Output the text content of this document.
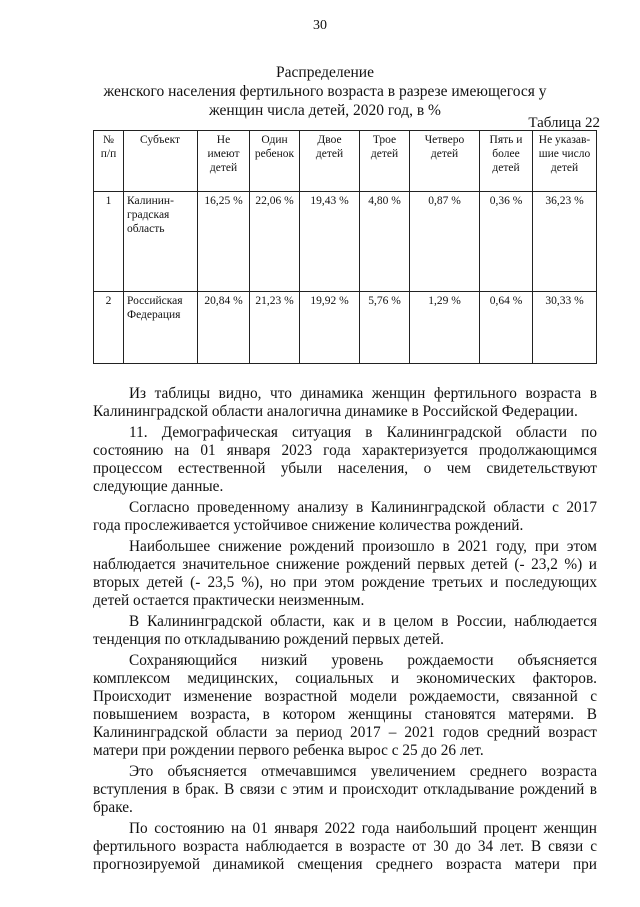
30
Распределение
женского населения фертильного возраста в разрезе имеющегося у
женщин числа детей, 2020 год, в %
Таблица 22
№ п/п	Субъект	Не имеют детей	Один ребенок	Двое детей	Трое детей	Четверо детей	Пять и более детей	Не указав-шие число детей
1	Калинин-градская область	16,25 %	22,06 %	19,43 %	4,80 %	0,87 %	0,36 %	36,23 %
2	Российская Федерация	20,84 %	21,23 %	19,92 %	5,76 %	1,29 %	0,64 %	30,33 %

Из таблицы видно, что динамика женщин фертильного возраста в Калининградской области аналогична динамике в Российской Федерации.

11. Демографическая ситуация в Калининградской области по состоянию на 01 января 2023 года характеризуется продолжающимся процессом естественной убыли населения, о чем свидетельствуют следующие данные.

Согласно проведенному анализу в Калининградской области с 2017 года прослеживается устойчивое снижение количества рождений.

Наибольшее снижение рождений произошло в 2021 году, при этом наблюдается значительное снижение рождений первых детей (- 23,2 %) и вторых детей (- 23,5 %), но при этом рождение третьих и последующих детей остается практически неизменным.

В Калининградской области, как и в целом в России, наблюдается тенденция по откладыванию рождений первых детей.

Сохраняющийся низкий уровень рождаемости объясняется комплексом медицинских, социальных и экономических факторов. Происходит изменение возрастной модели рождаемости, связанной с повышением возраста, в котором женщины становятся матерями. В Калининградской области за период 2017 – 2021 годов средний возраст матери при рождении первого ребенка вырос с 25 до 26 лет.

Это объясняется отмечавшимся увеличением среднего возраста вступления в брак. В связи с этим и происходит откладывание рождений в браке.

По состоянию на 01 января 2022 года наибольший процент женщин фертильного возраста наблюдается в возрасте от 30 до 34 лет. В связи с прогнозируемой динамикой смещения среднего возраста матери при
